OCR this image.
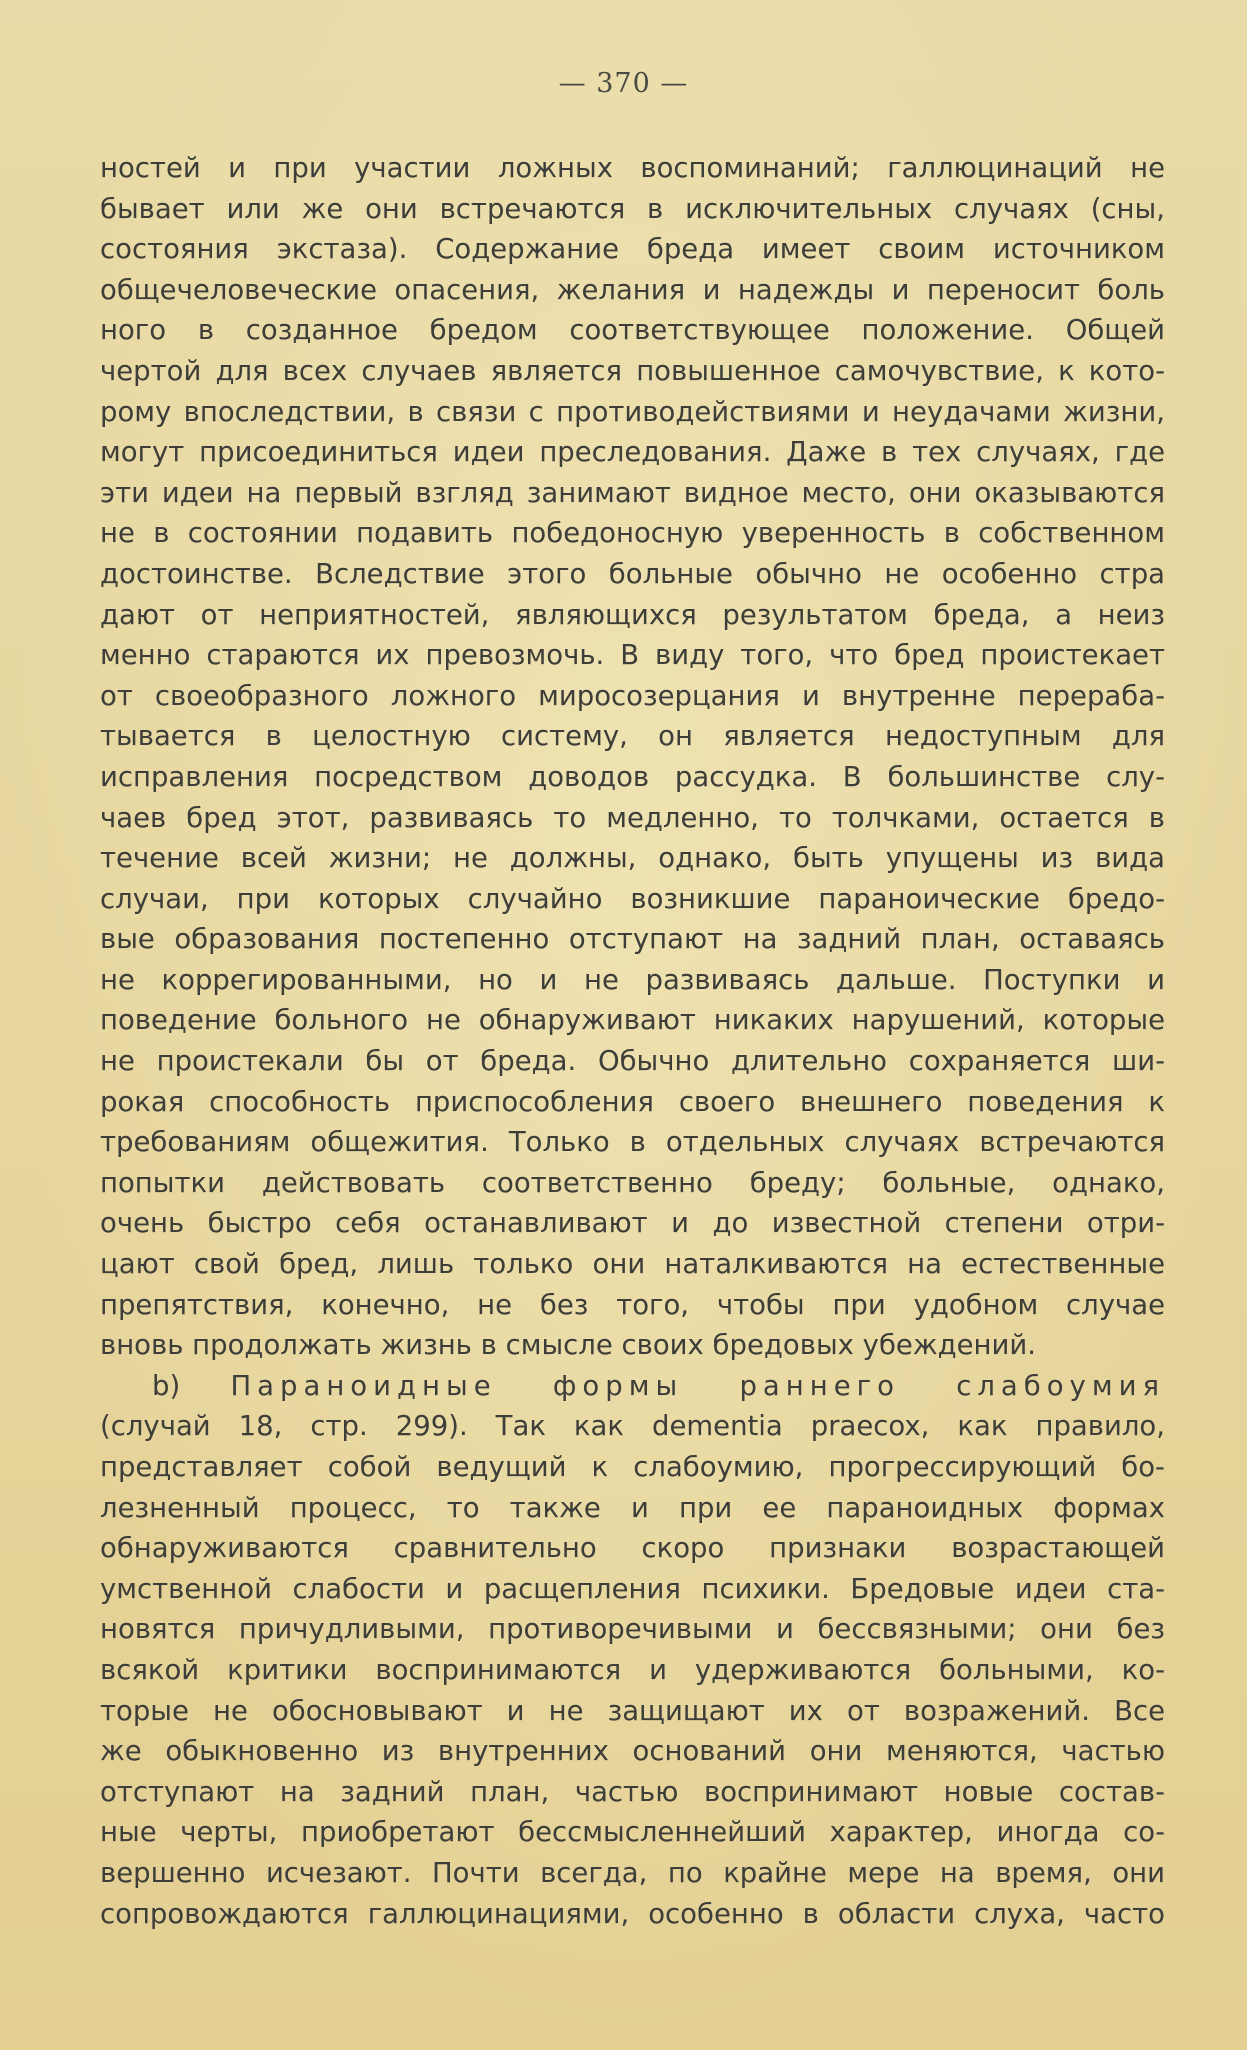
— 370 —
ностей и при участии ложных воспоминаний; галлюцинаций не
бывает или же они встречаются в исключительных случаях (сны,
состояния экстаза). Содержание бреда имеет своим источником
общечеловеческие опасения, желания и надежды и переносит боль
ного в созданное бредом соответствующее положение. Общей
чертой для всех случаев является повышенное самочувствие, к кото-
рому впоследствии, в связи с противодействиями и неудачами жизни,
могут присоединиться идеи преследования. Даже в тех случаях, где
эти идеи на первый взгляд занимают видное место, они оказываются
не в состоянии подавить победоносную уверенность в собственном
достоинстве. Вследствие этого больные обычно не особенно стра
дают от неприятностей, являющихся результатом бреда, а неиз
менно стараются их превозмочь. В виду того, что бред проистекает
от своеобразного ложного миросозерцания и внутренне перераба-
тывается в целостную систему, он является недоступным для
исправления посредством доводов рассудка. В большинстве слу-
чаев бред этот, развиваясь то медленно, то толчками, остается в
течение всей жизни; не должны, однако, быть упущены из вида
случаи, при которых случайно возникшие параноические бредо-
вые образования постепенно отступают на задний план, оставаясь
не коррегированными, но и не развиваясь дальше. Поступки и
поведение больного не обнаруживают никаких нарушений, которые
не проистекали бы от бреда. Обычно длительно сохраняется ши-
рокая способность приспособления своего внешнего поведения к
требованиям общежития. Только в отдельных случаях встречаются
попытки действовать соответственно бреду; больные, однако,
очень быстро себя останавливают и до известной степени отри-
цают свой бред, лишь только они наталкиваются на естественные
препятствия, конечно, не без того, чтобы при удобном случае
вновь продолжать жизнь в смысле своих бредовых убеждений.
b) Параноидные формы раннего слабоумия
(случай 18, стр. 299). Так как dementia praecox, как правило,
представляет собой ведущий к слабоумию, прогрессирующий бо-
лезненный процесс, то также и при ее параноидных формах
обнаруживаются сравнительно скоро признаки возрастающей
умственной слабости и расщепления психики. Бредовые идеи ста-
новятся причудливыми, противоречивыми и бессвязными; они без
всякой критики воспринимаются и удерживаются больными, ко-
торые не обосновывают и не защищают их от возражений. Все
же обыкновенно из внутренних оснований они меняются, частью
отступают на задний план, частью воспринимают новые состав-
ные черты, приобретают бессмысленнейший характер, иногда со-
вершенно исчезают. Почти всегда, по крайне мере на время, они
сопровождаются галлюцинациями, особенно в области слуха, часто
